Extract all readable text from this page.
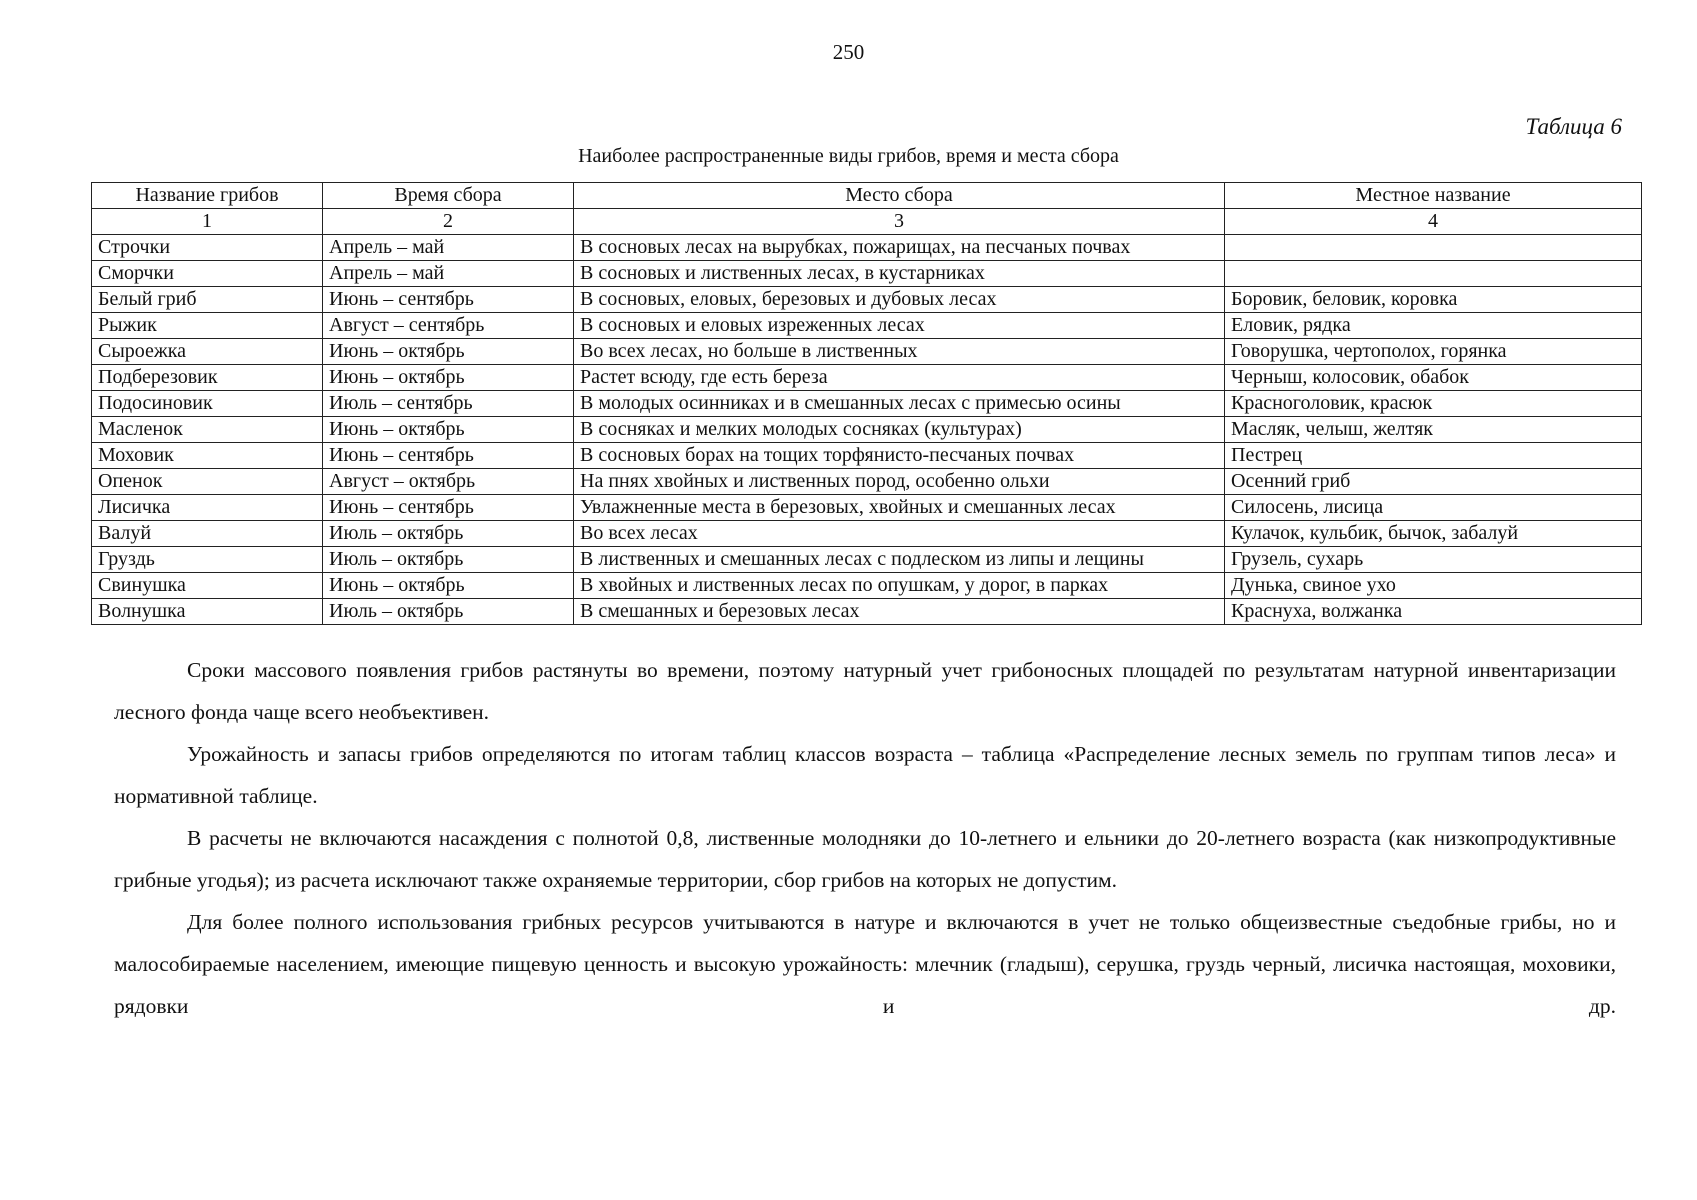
250
Таблица 6
Наиболее распространенные виды грибов, время и места сбора
Название грибов	Время сбора	Место сбора	Местное название
1	2	3	4
Строчки	Апрель – май	В сосновых лесах на вырубках, пожарищах, на песчаных почвах	
Сморчки	Апрель – май	В сосновых и лиственных лесах, в кустарниках	
Белый гриб	Июнь – сентябрь	В сосновых, еловых, березовых и дубовых лесах	Боровик, беловик, коровка
Рыжик	Август – сентябрь	В сосновых и еловых изреженных лесах	Еловик, рядка
Сыроежка	Июнь – октябрь	Во всех лесах, но больше в лиственных	Говорушка, чертополох, горянка
Подберезовик	Июнь – октябрь	Растет всюду, где есть береза	Черныш, колосовик, обабок
Подосиновик	Июль – сентябрь	В молодых осинниках и в смешанных лесах с примесью осины	Красноголовик, красюк
Масленок	Июнь – октябрь	В сосняках и мелких молодых сосняках (культурах)	Масляк, челыш, желтяк
Моховик	Июнь – сентябрь	В сосновых борах на тощих торфянисто-песчаных почвах	Пестрец
Опенок	Август – октябрь	На пнях хвойных и лиственных пород, особенно ольхи	Осенний гриб
Лисичка	Июнь – сентябрь	Увлажненные места в березовых, хвойных и смешанных лесах	Силосень, лисица
Валуй	Июль – октябрь	Во всех лесах	Кулачок, кульбик, бычок, забалуй
Груздь	Июль – октябрь	В лиственных и смешанных лесах с подлеском из липы и лещины	Грузель, сухарь
Свинушка	Июнь – октябрь	В хвойных и лиственных лесах по опушкам, у дорог, в парках	Дунька, свиное ухо
Волнушка	Июль – октябрь	В смешанных и березовых лесах	Краснуха, волжанка

Сроки массового появления грибов растянуты во времени, поэтому натурный учет грибоносных площадей по результатам натурной инвентаризации лесного фонда чаще всего необъективен.

Урожайность и запасы грибов определяются по итогам таблиц классов возраста – таблица «Распределение лесных земель по группам типов леса» и нормативной таблице.

В расчеты не включаются насаждения с полнотой 0,8, лиственные молодняки до 10-летнего и ельники до 20-летнего возраста (как низкопродуктивные грибные угодья); из расчета исключают также охраняемые территории, сбор грибов на которых не допустим.

Для более полного использования грибных ресурсов учитываются в натуре и включаются в учет не только общеизвестные съедобные грибы, но и малособираемые населением, имеющие пищевую ценность и высокую урожайность: млечник (гладыш), серушка, груздь черный, лисичка настоящая, моховики, рядовки и др.
